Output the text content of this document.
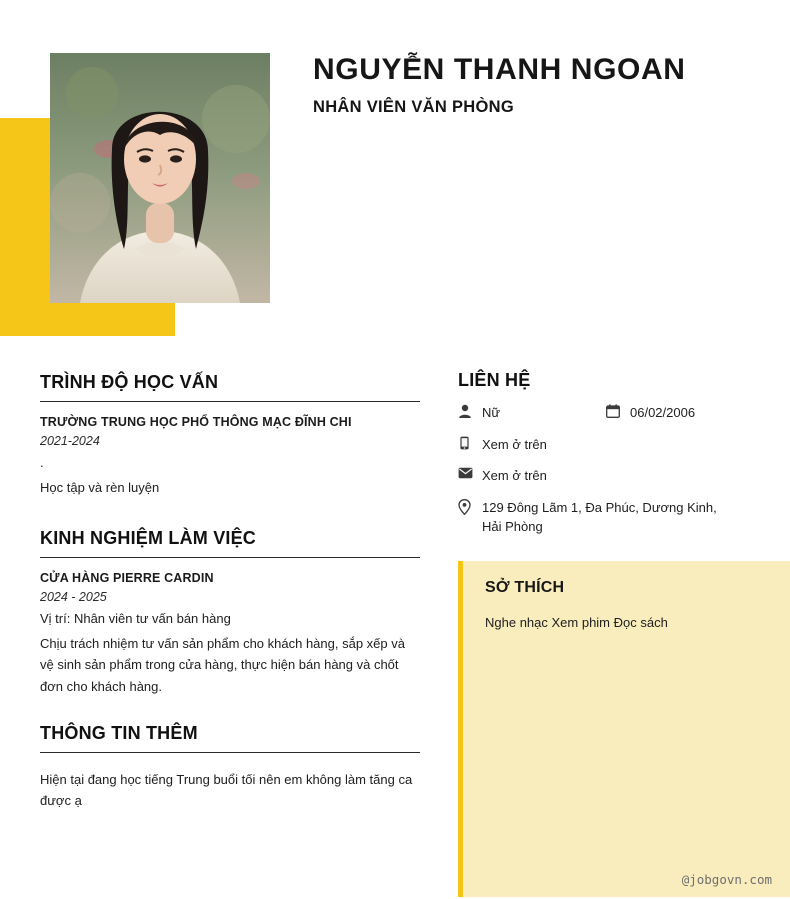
NGUYỄN THANH NGOAN
NHÂN VIÊN VĂN PHÒNG
TRÌNH ĐỘ HỌC VẤN
TRƯỜNG TRUNG HỌC PHỔ THÔNG MẠC ĐĨNH CHI
2021-2024
.
Học tập và rèn luyện
KINH NGHIỆM LÀM VIỆC
CỬA HÀNG PIERRE CARDIN
2024 - 2025
Vị trí: Nhân viên tư vấn bán hàng
Chịu trách nhiệm tư vấn sản phẩm cho khách hàng, sắp xếp và vệ sinh sản phẩm trong cửa hàng, thực hiện bán hàng và chốt đơn cho khách hàng.
THÔNG TIN THÊM
Hiện tại đang học tiếng Trung buổi tối nên em không làm tăng ca được ạ
LIÊN HỆ
Nữ	06/02/2006
Xem ở trên
Xem ở trên
129 Đông Lãm 1, Đa Phúc, Dương Kinh, Hải Phòng
SỞ THÍCH
Nghe nhạc Xem phim Đọc sách
@jobgovn.com
